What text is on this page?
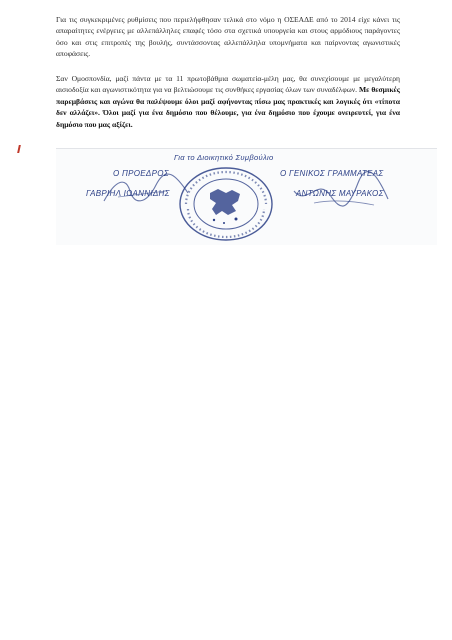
Για τις συγκεκριμένες ρυθμίσεις που περιελήφθησαν τελικά στο νόμο η ΟΣΕΑΔΕ από το 2014 είχε κάνει τις απαραίτητες ενέργειες με αλλεπάλληλες επαφές τόσο στα σχετικά υπουργεία και στους αρμόδιους παράγοντες όσο και στις επιτροπές της βουλής, συντάσσοντας αλλεπάλληλα υπομνήματα και παίρνοντας αγωνιστικές αποφάσεις.

Σαν Ομοσπονδία, μαζί πάντα με τα 11 πρωτοβάθμια σωματεία-μέλη μας, θα συνεχίσουμε με μεγαλύτερη αισιοδοξία και αγωνιστικότητα για να βελτιώσουμε τις συνθήκες εργασίας όλων των συναδέλφων. Με θεσμικές παρεμβάσεις και αγώνα θα παλέψουμε όλοι μαζί αφήνοντας πίσω μας πρακτικές και λογικές ότι «τίποτα δεν αλλάζει». Όλοι μαζί για ένα δημόσιο που θέλουμε, για ένα δημόσιο που έχουμε ονειρευτεί, για ένα δημόσιο που μας αξίζει.

Για το Διοικητικό Συμβούλιο
Ο ΠΡΟΕΔΡΟΣ	Ο ΓΕΝΙΚΟΣ ΓΡΑΜΜΑΤΕΑΣ
ΓΑΒΡΙΗΛ ΙΩΑΝΝΙΔΗΣ	ΑΝΤΩΝΗΣ ΜΑΥΡΑΚΟΣ
